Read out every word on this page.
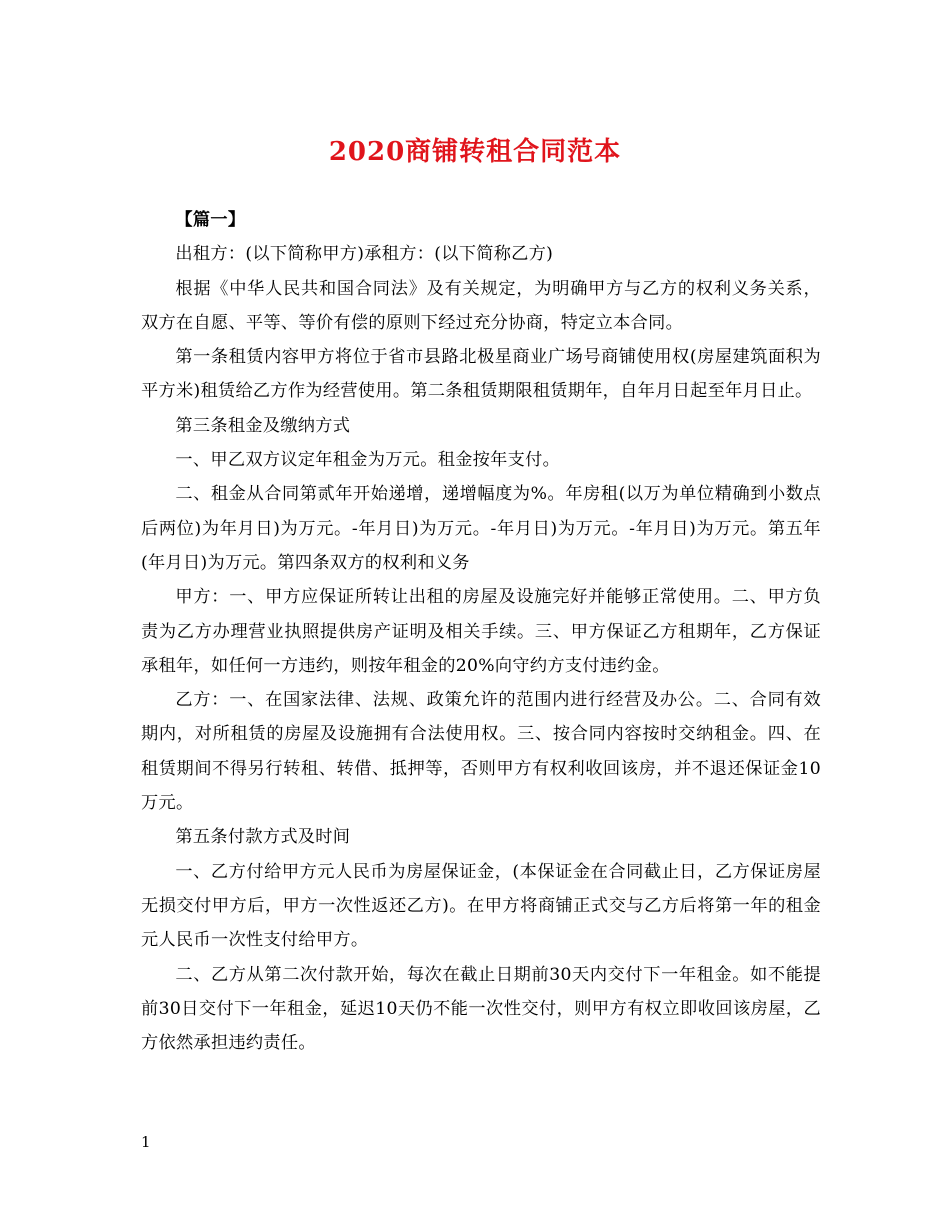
2020商铺转租合同范本

【篇一】

出租方：(以下简称甲方)承租方：(以下简称乙方)

根据《中华人民共和国合同法》及有关规定，为明确甲方与乙方的权利义务关系，双方在自愿、平等、等价有偿的原则下经过充分协商，特定立本合同。

第一条租赁内容甲方将位于省市县路北极星商业广场号商铺使用权(房屋建筑面积为平方米)租赁给乙方作为经营使用。第二条租赁期限租赁期年，自年月日起至年月日止。

第三条租金及缴纳方式

一、甲乙双方议定年租金为万元。租金按年支付。

二、租金从合同第贰年开始递增，递增幅度为%。年房租(以万为单位精确到小数点后两位)为年月日)为万元。-年月日)为万元。-年月日)为万元。-年月日)为万元。第五年(年月日)为万元。第四条双方的权利和义务

甲方：一、甲方应保证所转让出租的房屋及设施完好并能够正常使用。二、甲方负责为乙方办理营业执照提供房产证明及相关手续。三、甲方保证乙方租期年，乙方保证承租年，如任何一方违约，则按年租金的20%向守约方支付违约金。

乙方：一、在国家法律、法规、政策允许的范围内进行经营及办公。二、合同有效期内，对所租赁的房屋及设施拥有合法使用权。三、按合同内容按时交纳租金。四、在租赁期间不得另行转租、转借、抵押等，否则甲方有权利收回该房，并不退还保证金10万元。

第五条付款方式及时间

一、乙方付给甲方元人民币为房屋保证金，(本保证金在合同截止日，乙方保证房屋无损交付甲方后，甲方一次性返还乙方)。在甲方将商铺正式交与乙方后将第一年的租金元人民币一次性支付给甲方。

二、乙方从第二次付款开始，每次在截止日期前30天内交付下一年租金。如不能提前30日交付下一年租金，延迟10天仍不能一次性交付，则甲方有权立即收回该房屋，乙方依然承担违约责任。

1
